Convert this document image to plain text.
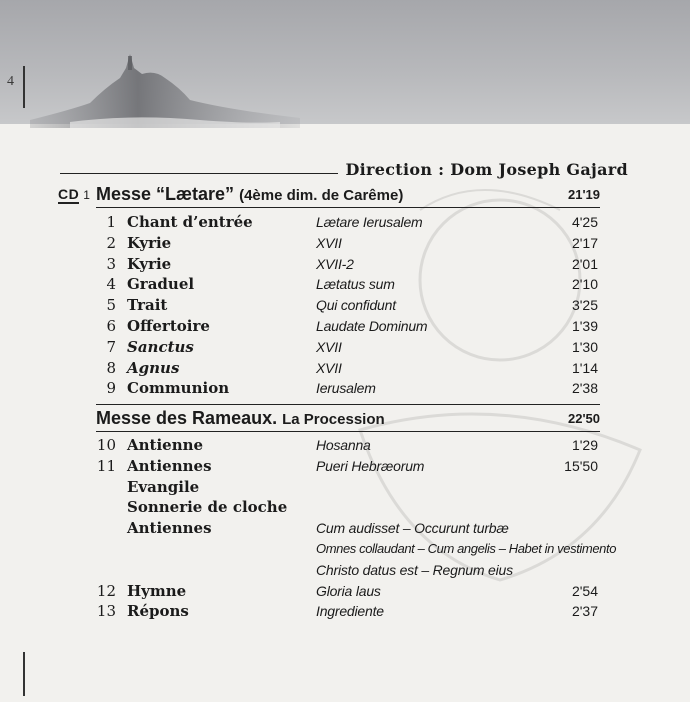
4
Direction : Dom Joseph Gajard
CD 1 Messe “Lætare” (4ème dim. de Carême)	21'19
1 Chant d’entrée	Lætare Ierusalem	4'25
2 Kyrie	XVII	2'17
3 Kyrie	XVII-2	2'01
4 Graduel	Lætatus sum	2'10
5 Trait	Qui confidunt	3'25
6 Offertoire	Laudate Dominum	1'39
7 Sanctus	XVII	1'30
8 Agnus	XVII	1'14
9 Communion	Ierusalem	2'38
Messe des Rameaux. La Procession	22'50
10 Antienne	Hosanna	1'29
11 Antiennes	Pueri Hebræorum	15'50
Evangile
Sonnerie de cloche
Antiennes	Cum audisset – Occurunt turbæ
Omnes collaudant – Cum angelis – Habet in vestimento
Christo datus est – Regnum eius
12 Hymne	Gloria laus	2'54
13 Répons	Ingrediente	2'37
